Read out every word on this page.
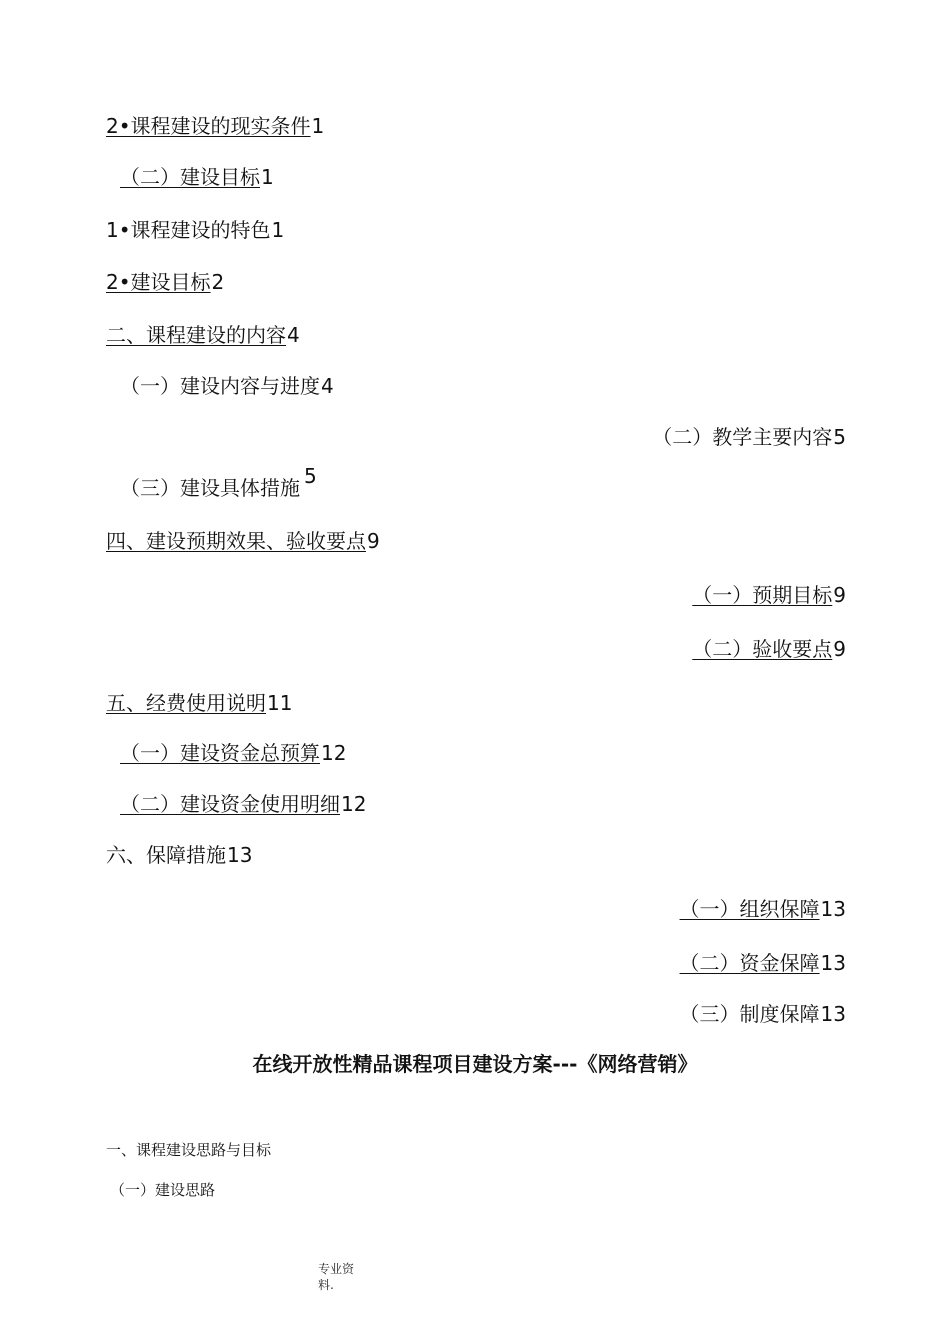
2•课程建设的现实条件1
（二）建设目标1
1•课程建设的特色1
2•建设目标2
二、课程建设的内容4
（一）建设内容与进度4
（二）教学主要内容5
（三）建设具体措施 5
四、建设预期效果、验收要点9
（一）预期目标9
（二）验收要点9
五、经费使用说明11
（一）建设资金总预算12
（二）建设资金使用明细12
六、保障措施13
（一）组织保障13
（二）资金保障13
（三）制度保障13
在线开放性精品课程项目建设方案---《网络营销》
一、课程建设思路与目标
（一）建设思路
专业资
料.
